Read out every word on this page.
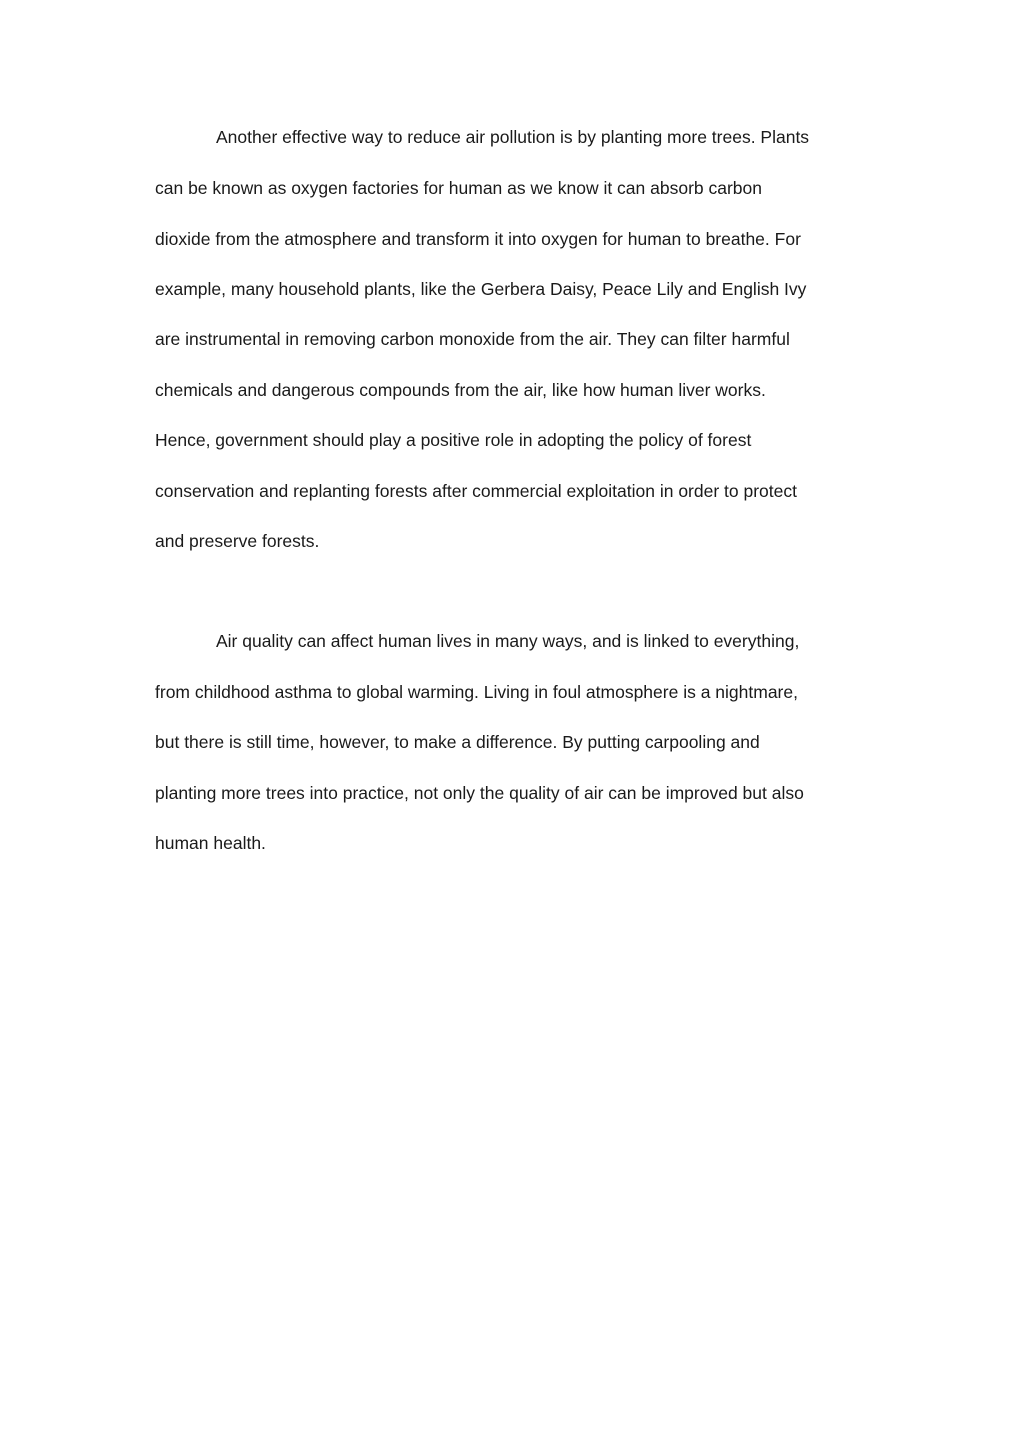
Another effective way to reduce air pollution is by planting more trees. Plants
can be known as oxygen factories for human as we know it can absorb carbon
dioxide from the atmosphere and transform it into oxygen for human to breathe. For
example, many household plants, like the Gerbera Daisy, Peace Lily and English Ivy
are instrumental in removing carbon monoxide from the air. They can filter harmful
chemicals and dangerous compounds from the air, like how human liver works.
Hence, government should play a positive role in adopting the policy of forest
conservation and replanting forests after commercial exploitation in order to protect
and preserve forests.
Air quality can affect human lives in many ways, and is linked to everything,
from childhood asthma to global warming. Living in foul atmosphere is a nightmare,
but there is still time, however, to make a difference. By putting carpooling and
planting more trees into practice, not only the quality of air can be improved but also
human health.
